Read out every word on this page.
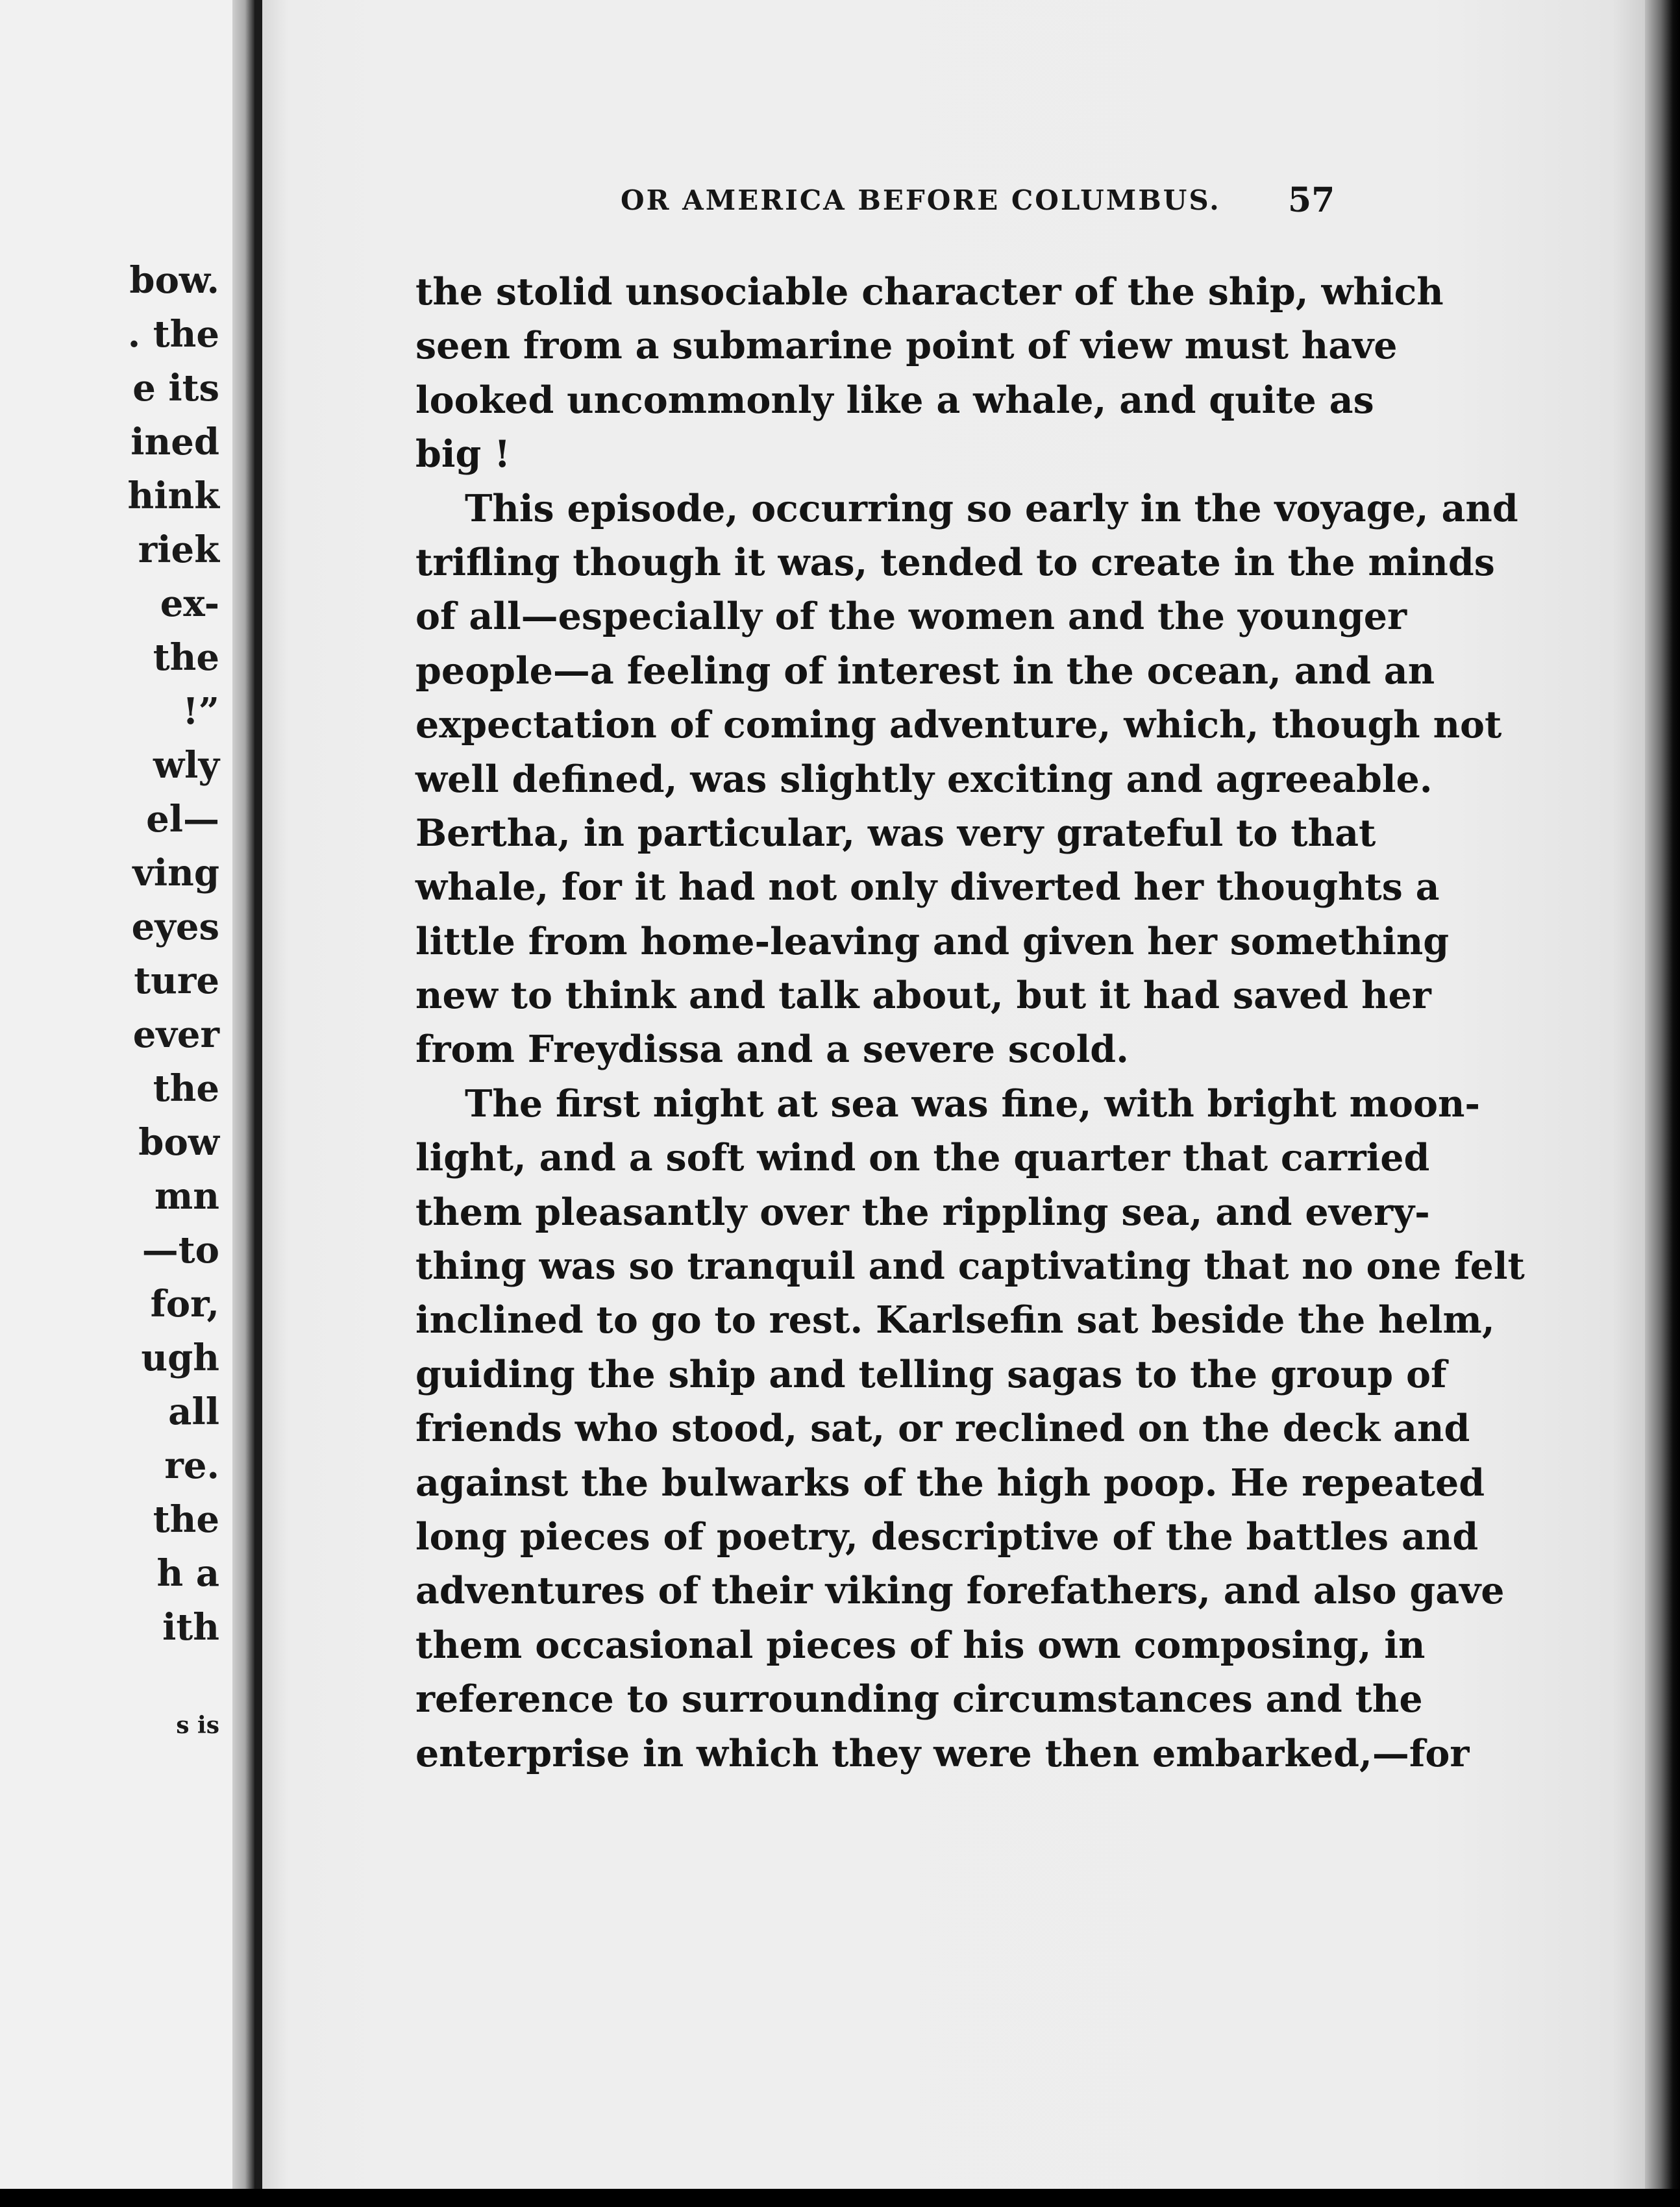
bow.
. the
e its
ined
hink
riek
ex-
the
!”
wly
el—
ving
eyes
ture
ever
the
bow
mn
—to
for,
ugh
all
re.
the
h a
ith
s is
OR AMERICA BEFORE COLUMBUS. 57
the stolid unsociable character of the ship, which
seen from a submarine point of view must have
looked uncommonly like a whale, and quite as
big !
This episode, occurring so early in the voyage, and
trifling though it was, tended to create in the minds
of all—especially of the women and the younger
people—a feeling of interest in the ocean, and an
expectation of coming adventure, which, though not
well defined, was slightly exciting and agreeable.
Bertha, in particular, was very grateful to that
whale, for it had not only diverted her thoughts a
little from home-leaving and given her something
new to think and talk about, but it had saved her
from Freydissa and a severe scold.
The first night at sea was fine, with bright moon-
light, and a soft wind on the quarter that carried
them pleasantly over the rippling sea, and every-
thing was so tranquil and captivating that no one felt
inclined to go to rest. Karlsefin sat beside the helm,
guiding the ship and telling sagas to the group of
friends who stood, sat, or reclined on the deck and
against the bulwarks of the high poop. He repeated
long pieces of poetry, descriptive of the battles and
adventures of their viking forefathers, and also gave
them occasional pieces of his own composing, in
reference to surrounding circumstances and the
enterprise in which they were then embarked,—for
